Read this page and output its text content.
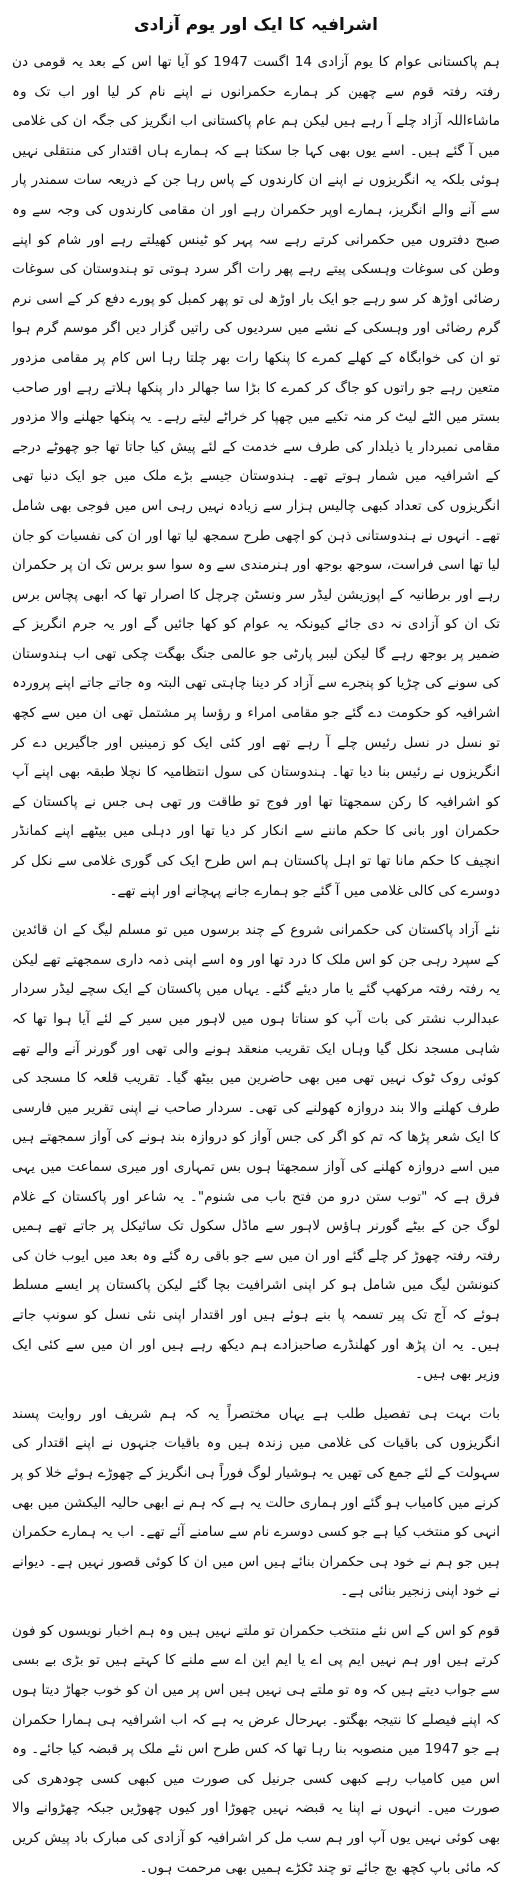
اشرافیہ کا ایک اور یوم آزادی

ہم پاکستانی عوام کا یوم آزادی 14 اگست 1947 کو آیا تھا اس کے بعد یہ قومی دن رفتہ رفتہ قوم سے چھین کر ہمارے حکمرانوں نے اپنے نام کر لیا اور اب تک وہ ماشاءاللہ آزاد چلے آ رہے ہیں لیکن ہم عام پاکستانی اب انگریز کی جگہ ان کی غلامی میں آ گئے ہیں۔ اسے یوں بھی کہا جا سکتا ہے کہ ہمارے ہاں اقتدار کی منتقلی نہیں ہوئی بلکہ یہ انگریزوں نے اپنے ان کارندوں کے پاس رہا جن کے ذریعہ سات سمندر پار سے آنے والے انگریز، ہمارے اوپر حکمران رہے اور ان مقامی کارندوں کی وجہ سے وہ صبح دفتروں میں حکمرانی کرتے رہے سہ پہر کو ٹینس کھیلتے رہے اور شام کو اپنے وطن کی سوغات وہسکی پیتے رہے پھر رات اگر سرد ہوتی تو ہندوستان کی سوغات رضائی اوڑھ کر سو رہے جو ایک بار اوڑھ لی تو پھر کمبل کو پورے دفع کر کے اسی نرم گرم رضائی اور وہسکی کے نشے میں سردیوں کی راتیں گزار دیں اگر موسم گرم ہوا تو ان کی خوابگاہ کے کھلے کمرے کا پنکھا رات بھر چلتا رہا اس کام پر مقامی مزدور متعین رہے جو راتوں کو جاگ کر کمرے کا بڑا سا جھالر دار پنکھا ہلاتے رہے اور صاحب بستر میں الٹے لیٹ کر منہ تکیے میں چھپا کر خراٹے لیتے رہے۔ یہ پنکھا جھلنے والا مزدور مقامی نمبردار یا ذیلدار کی طرف سے خدمت کے لئے پیش کیا جاتا تھا جو چھوٹے درجے کے اشرافیہ میں شمار ہوتے تھے۔ ہندوستان جیسے بڑے ملک میں جو ایک دنیا تھی انگریزوں کی تعداد کبھی چالیس ہزار سے زیادہ نہیں رہی اس میں فوجی بھی شامل تھے۔ انہوں نے ہندوستانی ذہن کو اچھی طرح سمجھ لیا تھا اور ان کی نفسیات کو جان لیا تھا اسی فراست، سوجھ بوجھ اور ہنرمندی سے وہ سوا سو برس تک ان پر حکمران رہے اور برطانیہ کے اپوزیشن لیڈر سر ونسٹن چرچل کا اصرار تھا کہ ابھی پچاس برس تک ان کو آزادی نہ دی جائے کیونکہ یہ عوام کو کھا جائیں گے اور یہ جرم انگریز کے ضمیر پر بوجھ رہے گا لیکن لیبر پارٹی جو عالمی جنگ بھگت چکی تھی اب ہندوستان کی سونے کی چڑیا کو پنجرے سے آزاد کر دینا چاہتی تھی البتہ وہ جاتے جاتے اپنے پروردہ اشرافیہ کو حکومت دے گئے جو مقامی امراء و رؤسا پر مشتمل تھی ان میں سے کچھ تو نسل در نسل رئیس چلے آ رہے تھے اور کئی ایک کو زمینیں اور جاگیریں دے کر انگریزوں نے رئیس بنا دیا تھا۔ ہندوستان کی سول انتظامیہ کا نچلا طبقہ بھی اپنے آپ کو اشرافیہ کا رکن سمجھتا تھا اور فوج تو طاقت ور تھی ہی جس نے پاکستان کے حکمران اور بانی کا حکم ماننے سے انکار کر دیا تھا اور دہلی میں بیٹھے اپنے کمانڈر انچیف کا حکم مانا تھا تو اہل پاکستان ہم اس طرح ایک کی گوری غلامی سے نکل کر دوسرے کی کالی غلامی میں آ گئے جو ہمارے جانے پہچانے اور اپنے تھے۔

نئے آزاد پاکستان کی حکمرانی شروع کے چند برسوں میں تو مسلم لیگ کے ان قائدین کے سپرد رہی جن کو اس ملک کا درد تھا اور وہ اسے اپنی ذمہ داری سمجھتے تھے لیکن یہ رفتہ رفتہ مرکھپ گئے یا مار دیئے گئے۔ یہاں میں پاکستان کے ایک سچے لیڈر سردار عبدالرب نشتر کی بات آپ کو سناتا ہوں میں لاہور میں سیر کے لئے آیا ہوا تھا کہ شاہی مسجد نکل گیا وہاں ایک تقریب منعقد ہونے والی تھی اور گورنر آنے والے تھے کوئی روک ٹوک نہیں تھی میں بھی حاضرین میں بیٹھ گیا۔ تقریب قلعہ کا مسجد کی طرف کھلنے والا بند دروازہ کھولنے کی تھی۔ سردار صاحب نے اپنی تقریر میں فارسی کا ایک شعر پڑھا کہ تم کو اگر کی جس آواز کو دروازہ بند ہونے کی آواز سمجھتے ہیں میں اسے دروازہ کھلنے کی آواز سمجھتا ہوں بس تمہاری اور میری سماعت میں یہی فرق ہے کہ "توب ستن درو من فتح باب می شنوم"۔ یہ شاعر اور پاکستان کے غلام لوگ جن کے بیٹے گورنر ہاؤس لاہور سے ماڈل سکول تک سائیکل پر جاتے تھے ہمیں رفتہ رفتہ چھوڑ کر چلے گئے اور ان میں سے جو باقی رہ گئے وہ بعد میں ایوب خان کی کنونشن لیگ میں شامل ہو کر اپنی اشرافیت بچا گئے لیکن پاکستان پر ایسے مسلط ہوئے کہ آج تک پیر تسمہ پا بنے ہوئے ہیں اور اقتدار اپنی نئی نسل کو سونپ جاتے ہیں۔ یہ ان پڑھ اور کھلنڈرے صاحبزادے ہم دیکھ رہے ہیں اور ان میں سے کئی ایک وزیر بھی ہیں۔

بات بہت ہی تفصیل طلب ہے یہاں مختصراً یہ کہ ہم شریف اور روایت پسند انگریزوں کی باقیات کی غلامی میں زندہ ہیں وہ باقیات جنہوں نے اپنے اقتدار کی سہولت کے لئے جمع کی تھیں یہ ہوشیار لوگ فوراً ہی انگریز کے چھوڑے ہوئے خلا کو پر کرنے میں کامیاب ہو گئے اور ہماری حالت یہ ہے کہ ہم نے ابھی حالیہ الیکشن میں بھی انہی کو منتخب کیا ہے جو کسی دوسرے نام سے سامنے آئے تھے۔ اب یہ ہمارے حکمران ہیں جو ہم نے خود ہی حکمران بنائے ہیں اس میں ان کا کوئی قصور نہیں ہے۔ دیوانے نے خود اپنی زنجیر بنائی ہے۔

قوم کو اس کے اس نئے منتخب حکمران تو ملتے نہیں ہیں وہ ہم اخبار نویسوں کو فون کرتے ہیں اور ہم نہیں ایم پی اے یا ایم این اے سے ملنے کا کہتے ہیں تو بڑی بے بسی سے جواب دیتے ہیں کہ وہ تو ملتے ہی نہیں ہیں اس پر میں ان کو خوب جھاڑ دیتا ہوں کہ اپنے فیصلے کا نتیجہ بھگتو۔ بہرحال عرض یہ ہے کہ اب اشرافیہ ہی ہمارا حکمران ہے جو 1947 میں منصوبہ بنا رہا تھا کہ کس طرح اس نئے ملک پر قبضہ کیا جائے۔ وہ اس میں کامیاب رہے کبھی کسی جرنیل کی صورت میں کبھی کسی چودھری کی صورت میں۔ انہوں نے اپنا یہ قبضہ نہیں چھوڑا اور کیوں چھوڑیں جبکہ چھڑوانے والا بھی کوئی نہیں یوں آپ اور ہم سب مل کر اشرافیہ کو آزادی کی مبارک باد پیش کریں کہ مائی باپ کچھ بچ جائے تو چند ٹکڑے ہمیں بھی مرحمت ہوں۔
